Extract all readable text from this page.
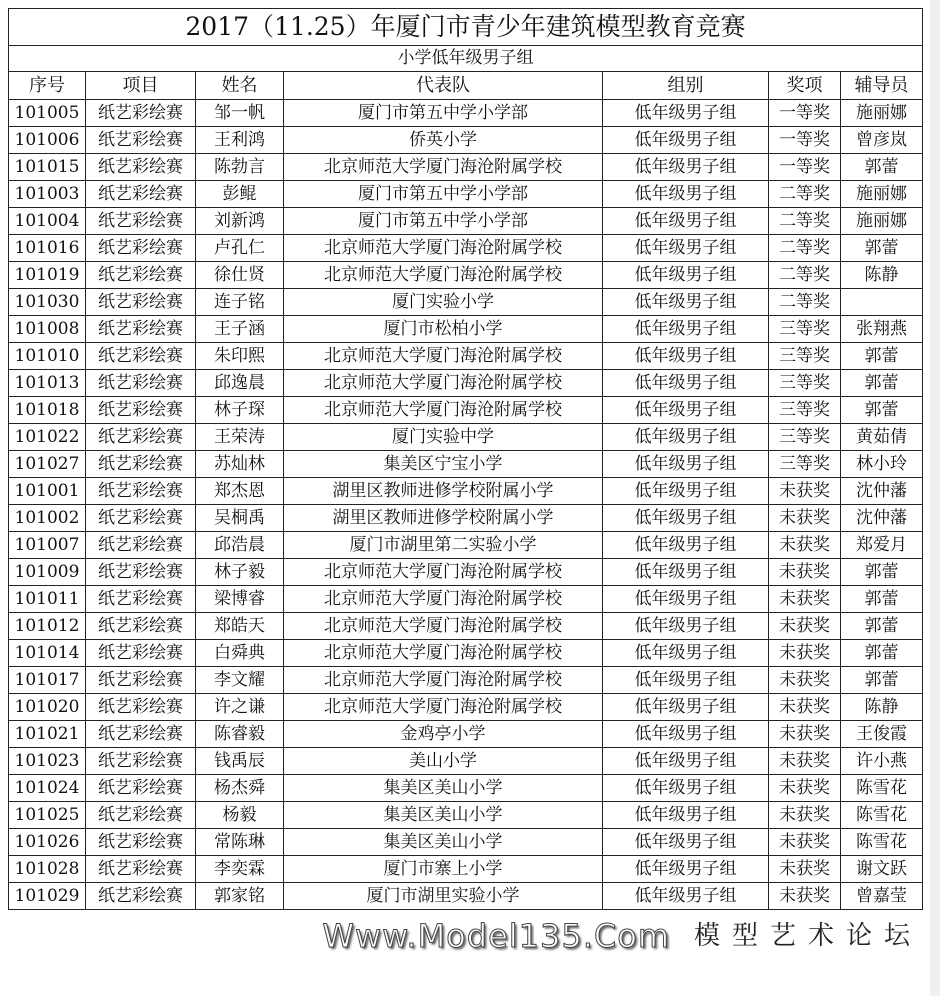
2017（11.25）年厦门市青少年建筑模型教育竞赛						
小学低年级男子组						
序号	项目	姓名	代表队	组别	奖项	辅导员
101005	纸艺彩绘赛	邹一帆	厦门市第五中学小学部	低年级男子组	一等奖	施丽娜
101006	纸艺彩绘赛	王利鸿	侨英小学	低年级男子组	一等奖	曾彦岚
101015	纸艺彩绘赛	陈勃言	北京师范大学厦门海沧附属学校	低年级男子组	一等奖	郭蕾
101003	纸艺彩绘赛	彭鲲	厦门市第五中学小学部	低年级男子组	二等奖	施丽娜
101004	纸艺彩绘赛	刘新鸿	厦门市第五中学小学部	低年级男子组	二等奖	施丽娜
101016	纸艺彩绘赛	卢孔仁	北京师范大学厦门海沧附属学校	低年级男子组	二等奖	郭蕾
101019	纸艺彩绘赛	徐仕贤	北京师范大学厦门海沧附属学校	低年级男子组	二等奖	陈静
101030	纸艺彩绘赛	连子铭	厦门实验小学	低年级男子组	二等奖	
101008	纸艺彩绘赛	王子涵	厦门市松柏小学	低年级男子组	三等奖	张翔燕
101010	纸艺彩绘赛	朱印熙	北京师范大学厦门海沧附属学校	低年级男子组	三等奖	郭蕾
101013	纸艺彩绘赛	邱逸晨	北京师范大学厦门海沧附属学校	低年级男子组	三等奖	郭蕾
101018	纸艺彩绘赛	林子琛	北京师范大学厦门海沧附属学校	低年级男子组	三等奖	郭蕾
101022	纸艺彩绘赛	王荣涛	厦门实验中学	低年级男子组	三等奖	黄茹倩
101027	纸艺彩绘赛	苏灿林	集美区宁宝小学	低年级男子组	三等奖	林小玲
101001	纸艺彩绘赛	郑杰恩	湖里区教师进修学校附属小学	低年级男子组	未获奖	沈仲藩
101002	纸艺彩绘赛	吴桐禹	湖里区教师进修学校附属小学	低年级男子组	未获奖	沈仲藩
101007	纸艺彩绘赛	邱浩晨	厦门市湖里第二实验小学	低年级男子组	未获奖	郑爱月
101009	纸艺彩绘赛	林子毅	北京师范大学厦门海沧附属学校	低年级男子组	未获奖	郭蕾
101011	纸艺彩绘赛	梁博睿	北京师范大学厦门海沧附属学校	低年级男子组	未获奖	郭蕾
101012	纸艺彩绘赛	郑皓天	北京师范大学厦门海沧附属学校	低年级男子组	未获奖	郭蕾
101014	纸艺彩绘赛	白舜典	北京师范大学厦门海沧附属学校	低年级男子组	未获奖	郭蕾
101017	纸艺彩绘赛	李文耀	北京师范大学厦门海沧附属学校	低年级男子组	未获奖	郭蕾
101020	纸艺彩绘赛	许之谦	北京师范大学厦门海沧附属学校	低年级男子组	未获奖	陈静
101021	纸艺彩绘赛	陈睿毅	金鸡亭小学	低年级男子组	未获奖	王俊霞
101023	纸艺彩绘赛	钱禹辰	美山小学	低年级男子组	未获奖	许小燕
101024	纸艺彩绘赛	杨杰舜	集美区美山小学	低年级男子组	未获奖	陈雪花
101025	纸艺彩绘赛	杨毅	集美区美山小学	低年级男子组	未获奖	陈雪花
101026	纸艺彩绘赛	常陈琳	集美区美山小学	低年级男子组	未获奖	陈雪花
101028	纸艺彩绘赛	李奕霖	厦门市寨上小学	低年级男子组	未获奖	谢文跃
101029	纸艺彩绘赛	郭家铭	厦门市湖里实验小学	低年级男子组	未获奖	曾嘉莹
Www.Model135.Com 模型艺术论坛
